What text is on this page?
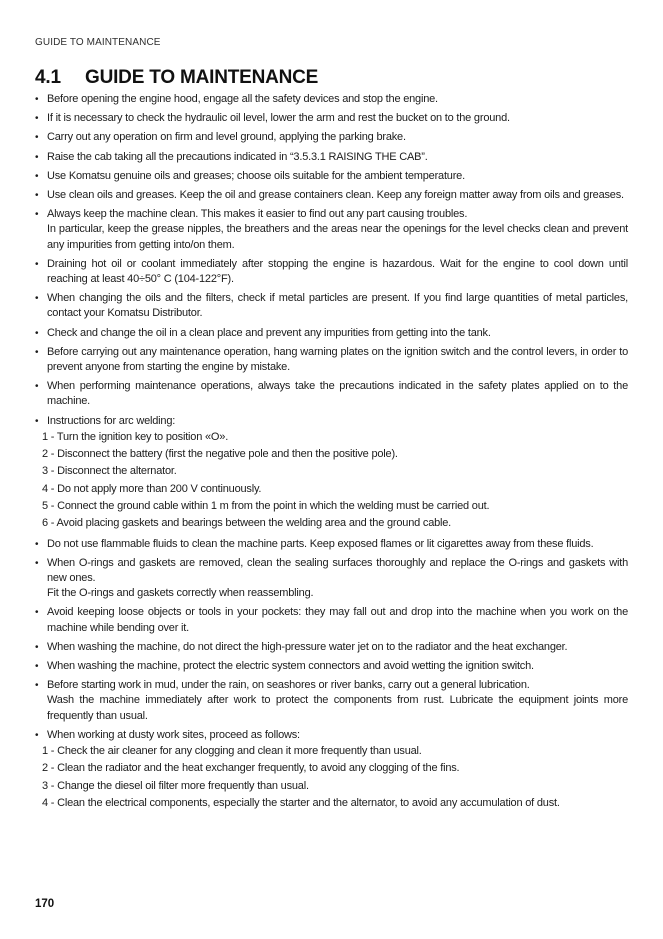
GUIDE TO MAINTENANCE
4.1	GUIDE TO MAINTENANCE
• Before opening the engine hood, engage all the safety devices and stop the engine.

• If it is necessary to check the hydraulic oil level, lower the arm and rest the bucket on to the ground.

• Carry out any operation on firm and level ground, applying the parking brake.

• Raise the cab taking all the precautions indicated in “3.5.3.1 RAISING THE CAB”.

• Use Komatsu genuine oils and greases; choose oils suitable for the ambient temperature.

• Use clean oils and greases. Keep the oil and grease containers clean. Keep any foreign matter away from oils and greases.

• Always keep the machine clean. This makes it easier to find out any part causing troubles.

In particular, keep the grease nipples, the breathers and the areas near the openings for the level checks clean and prevent any impurities from getting into/on them.

• Draining hot oil or coolant immediately after stopping the engine is hazardous. Wait for the engine to cool down until reaching at least 40÷50° C (104-122°F).

• When changing the oils and the filters, check if metal particles are present. If you find large quantities of metal particles, contact your Komatsu Distributor.

• Check and change the oil in a clean place and prevent any impurities from getting into the tank.

• Before carrying out any maintenance operation, hang warning plates on the ignition switch and the control levers, in order to prevent anyone from starting the engine by mistake.

• When performing maintenance operations, always take the precautions indicated in the safety plates applied on to the machine.

• Instructions for arc welding:

1 - Turn the ignition key to position «O».
2 - Disconnect the battery (first the negative pole and then the positive pole).
3 - Disconnect the alternator.
4 - Do not apply more than 200 V continuously.
5 - Connect the ground cable within 1 m from the point in which the welding must be carried out.
6 - Avoid placing gaskets and bearings between the welding area and the ground cable.
• Do not use flammable fluids to clean the machine parts. Keep exposed flames or lit cigarettes away from these fluids.

• When O-rings and gaskets are removed, clean the sealing surfaces thoroughly and replace the O-rings and gaskets with new ones.

Fit the O-rings and gaskets correctly when reassembling.

• Avoid keeping loose objects or tools in your pockets: they may fall out and drop into the machine when you work on the machine while bending over it.

• When washing the machine, do not direct the high-pressure water jet on to the radiator and the heat exchanger.

• When washing the machine, protect the electric system connectors and avoid wetting the ignition switch.

• Before starting work in mud, under the rain, on seashores or river banks, carry out a general lubrication.

Wash the machine immediately after work to protect the components from rust. Lubricate the equipment joints more frequently than usual.

• When working at dusty work sites, proceed as follows:

1 - Check the air cleaner for any clogging and clean it more frequently than usual.
2 - Clean the radiator and the heat exchanger frequently, to avoid any clogging of the fins.
3 - Change the diesel oil filter more frequently than usual.
4 - Clean the electrical components, especially the starter and the alternator, to avoid any accumulation of dust.
170
